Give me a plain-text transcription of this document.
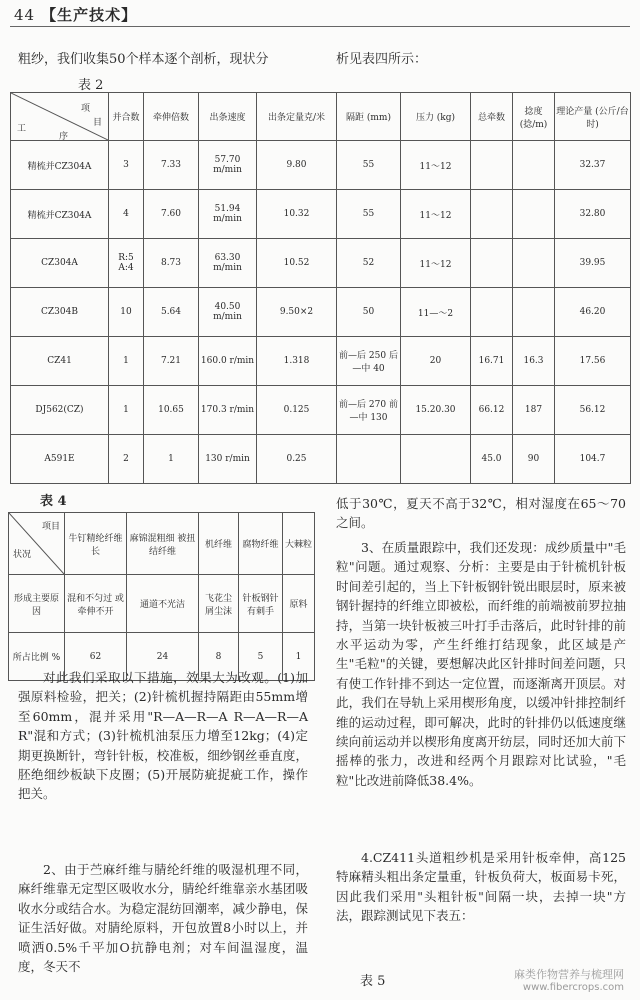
44 【生产技术】
粗纱，我们收集50个样本逐个剖析，现状分	析见表四所示：
表 2
项
目
工
序	并合数	牵伸倍数	出条速度	出条定量克/米	隔距 (mm)	压力 (kg)	总牵数	捻度(捻/m)	理论产量 (公斤/台时)
精梳并CZ304A	3	7.33	57.70 m/min	9.80	55	11～12			32.37
精梳并CZ304A	4	7.60	51.94 m/min	10.32	55	11～12			32.80
CZ304A	R:5 A:4	8.73	63.30 m/min	10.52	52	11～12			39.95
CZ304B	10	5.64	40.50 m/min	9.50×2	50	11—～2			46.20
CZ41	1	7.21	160.0 r/min	1.318	前—后 250 后—中 40	20	16.71	16.3	17.56
DJ562(CZ)	1	10.65	170.3 r/min	0.125	前—后 270 前—中 130	15.20.30	66.12	187	56.12
A591E	2	1	130 r/min	0.25			45.0	90	104.7
表 4
项目
状况	牛钉精纶纤维长	麻锦混粗细 被扭结纤维	机纤维	腐物纤维	大棘粒
形成主要原因	混和不匀过 或牵伸不开	通道不光洁	飞花尘 屑尘沫	针板钢针 有刺手	原料
所占比例 %	62	24	8	5	1

对此我们采取以下措施，效果大为改观。(1)加强原料检验，把关；(2)针梳机握持隔距由55mm增至60mm，混并采用"R—A—R—A R—A—R—A R"混和方式；(3)针梳机油泵压力增至12kg；(4)定期更换断针，弯针针板，校准板，细纱钢丝垂直度，胚绝细纱板缺下皮圈；(5)开展防疵捉疵工作，操作把关。

2、由于苎麻纤维与腈纶纤维的吸湿机理不同，麻纤维靠无定型区吸收水分，腈纶纤维靠亲水基团吸收水分或结合水。为稳定混纺回潮率，减少静电，保证生活好做。对腈纶原料，开包放置8小时以上，并喷洒0.5%千平加O抗静电剂；对车间温湿度，温度，冬天不

低于30℃，夏天不高于32℃，相对湿度在65～70之间。

3、在质量跟踪中，我们还发现：成纱质量中"毛粒"问题。通过观察、分析：主要是由于针梳机针板时间差引起的，当上下针板钢针锐出眼层时，原来被钢针握持的纤维立即被松，而纤维的前端被前罗拉抽持，当第一块针板被三叶打手击落后，此时针排的前水平运动为零，产生纤维打结现象，此区域是产生"毛粒"的关键，要想解决此区针排时间差问题，只有使工作针排不到达一定位置，而逐渐离开顶层。对此，我们在导轨上采用楔形角度，以缓冲针排控制纤维的运动过程，即可解决，此时的针排仍以低速度继续向前运动并以楔形角度离开纺层，同时还加大前下摇棒的张力，改进和经两个月跟踪对比试验，"毛粒"比改进前降低38.4%。

4.CZ411头道粗纱机是采用针板牵伸，高125特麻精头粗出条定量重，针板负荷大，板面易卡死，因此我们采用"头粗针板"间隔一块，去掉一块"方法，跟踪测试见下表五：

表 5	麻类作物营养与梳理网
www.fibercrops.com
